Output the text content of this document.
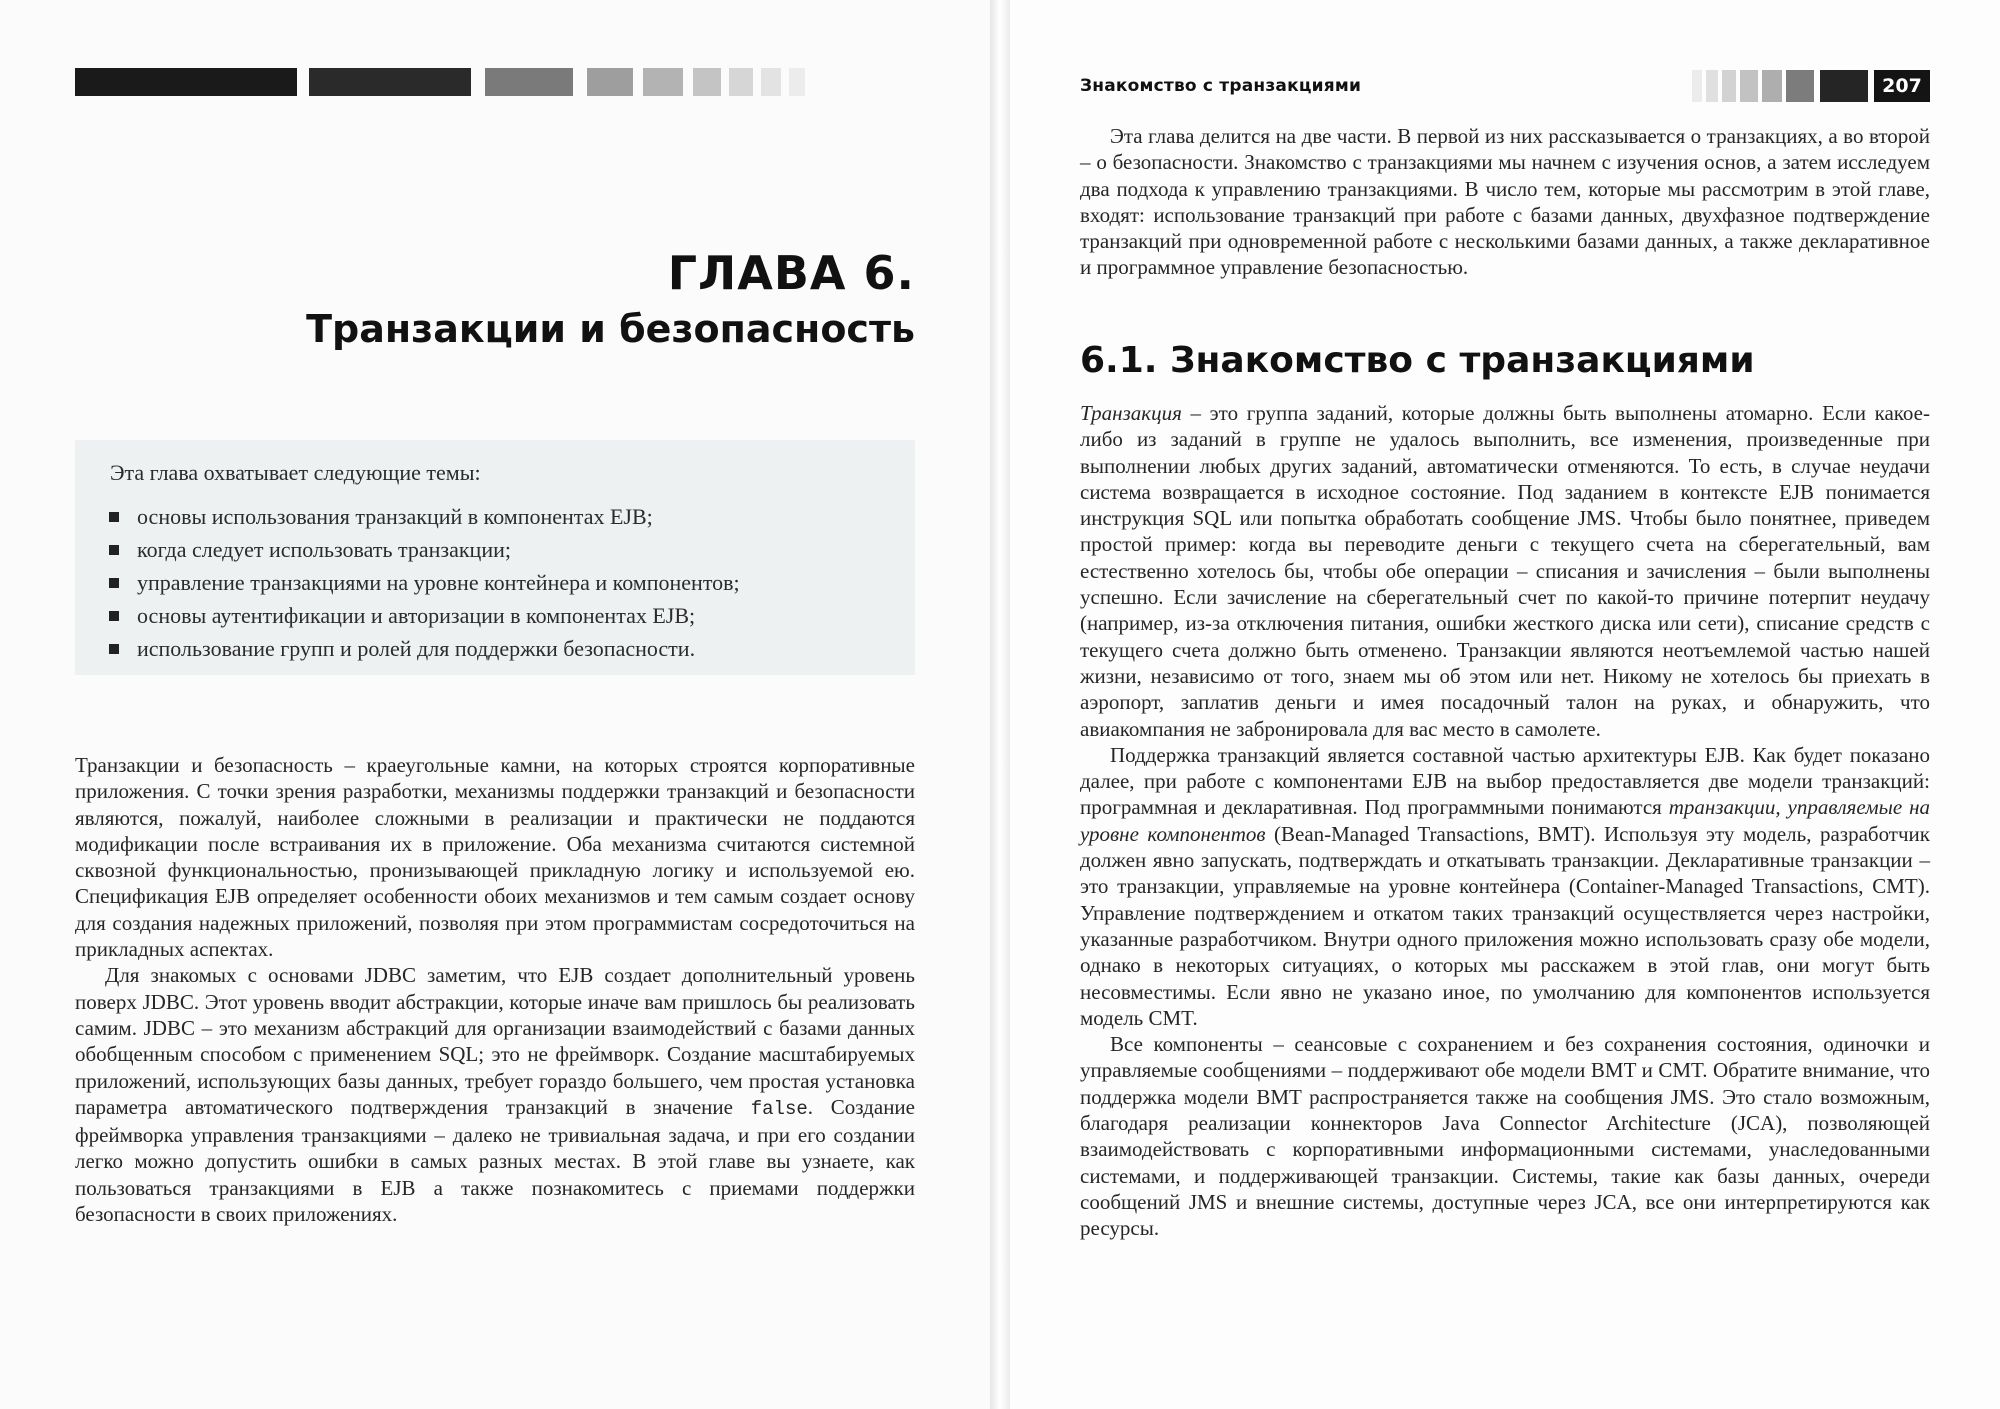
ГЛАВА 6.
Транзакции и безопасность
Эта глава охватывает следующие темы:
основы использования транзакций в компонентах EJB;
когда следует использовать транзакции;
управление транзакциями на уровне контейнера и компонентов;
основы аутентификации и авторизации в компонентах EJB;
использование групп и ролей для поддержки безопасности.

Транзакции и безопасность – краеугольные камни, на которых строятся корпоративные приложения. С точки зрения разработки, механизмы поддержки транзакций и безопасности являются, пожалуй, наиболее сложными в реализации и практически не поддаются модификации после встраивания их в приложение. Оба механизма считаются системной сквозной функциональностью, пронизывающей прикладную логику и используемой ею. Спецификация EJB определяет особенности обоих механизмов и тем самым создает основу для создания надежных приложений, позволяя при этом программистам сосредоточиться на прикладных аспектах.

Для знакомых с основами JDBC заметим, что EJB создает дополнительный уровень поверх JDBC. Этот уровень вводит абстракции, которые иначе вам пришлось бы реализовать самим. JDBC – это механизм абстракций для организации взаимодействий с базами данных обобщенным способом с применением SQL; это не фреймворк. Создание масштабируемых приложений, использующих базы данных, требует гораздо большего, чем простая установка параметра автоматического подтверждения транзакций в значение false. Создание фреймворка управления транзакциями – далеко не тривиальная задача, и при его создании легко можно допустить ошибки в самых разных местах. В этой главе вы узнаете, как пользоваться транзакциями в EJB а также познакомитесь с приемами поддержки безопасности в своих приложениях.

Знакомство с транзакциями	207

Эта глава делится на две части. В первой из них рассказывается о транзакциях, а во второй – о безопасности. Знакомство с транзакциями мы начнем с изучения основ, а затем исследуем два подхода к управлению транзакциями. В число тем, которые мы рассмотрим в этой главе, входят: использование транзакций при работе с базами данных, двухфазное подтверждение транзакций при одновременной работе с несколькими базами данных, а также декларативное и программное управление безопасностью.

6.1. Знакомство с транзакциями

Транзакция – это группа заданий, которые должны быть выполнены атомарно. Если какое-либо из заданий в группе не удалось выполнить, все изменения, произведенные при выполнении любых других заданий, автоматически отменяются. То есть, в случае неудачи система возвращается в исходное состояние. Под заданием в контексте EJB понимается инструкция SQL или попытка обработать сообщение JMS. Чтобы было понятнее, приведем простой пример: когда вы переводите деньги с текущего счета на сберегательный, вам естественно хотелось бы, чтобы обе операции – списания и зачисления – были выполнены успешно. Если зачисление на сберегательный счет по какой-то причине потерпит неудачу (например, из-за отключения питания, ошибки жесткого диска или сети), списание средств с текущего счета должно быть отменено. Транзакции являются неотъемлемой частью нашей жизни, независимо от того, знаем мы об этом или нет. Никому не хотелось бы приехать в аэропорт, заплатив деньги и имея посадочный талон на руках, и обнаружить, что авиакомпания не забронировала для вас место в самолете.

Поддержка транзакций является составной частью архитектуры EJB. Как будет показано далее, при работе с компонентами EJB на выбор предоставляется две модели транзакций: программная и декларативная. Под программными понимаются транзакции, управляемые на уровне компонентов (Bean-Managed Transactions, BMT). Используя эту модель, разработчик должен явно запускать, подтверждать и откатывать транзакции. Декларативные транзакции – это транзакции, управляемые на уровне контейнера (Container-Managed Transactions, CMT). Управление подтверждением и откатом таких транзакций осуществляется через настройки, указанные разработчиком. Внутри одного приложения можно использовать сразу обе модели, однако в некоторых ситуациях, о которых мы расскажем в этой глав, они могут быть несовместимы. Если явно не указано иное, по умолчанию для компонентов используется модель CMT.

Все компоненты – сеансовые с сохранением и без сохранения состояния, одиночки и управляемые сообщениями – поддерживают обе модели BMT и CMT. Обратите внимание, что поддержка модели BMT распространяется также на сообщения JMS. Это стало возможным, благодаря реализации коннекторов Java Connector Architecture (JCA), позволяющей взаимодействовать с корпоративными информационными системами, унаследованными системами, и поддерживающей транзакции. Системы, такие как базы данных, очереди сообщений JMS и внешние системы, доступные через JCA, все они интерпретируются как ресурсы.
